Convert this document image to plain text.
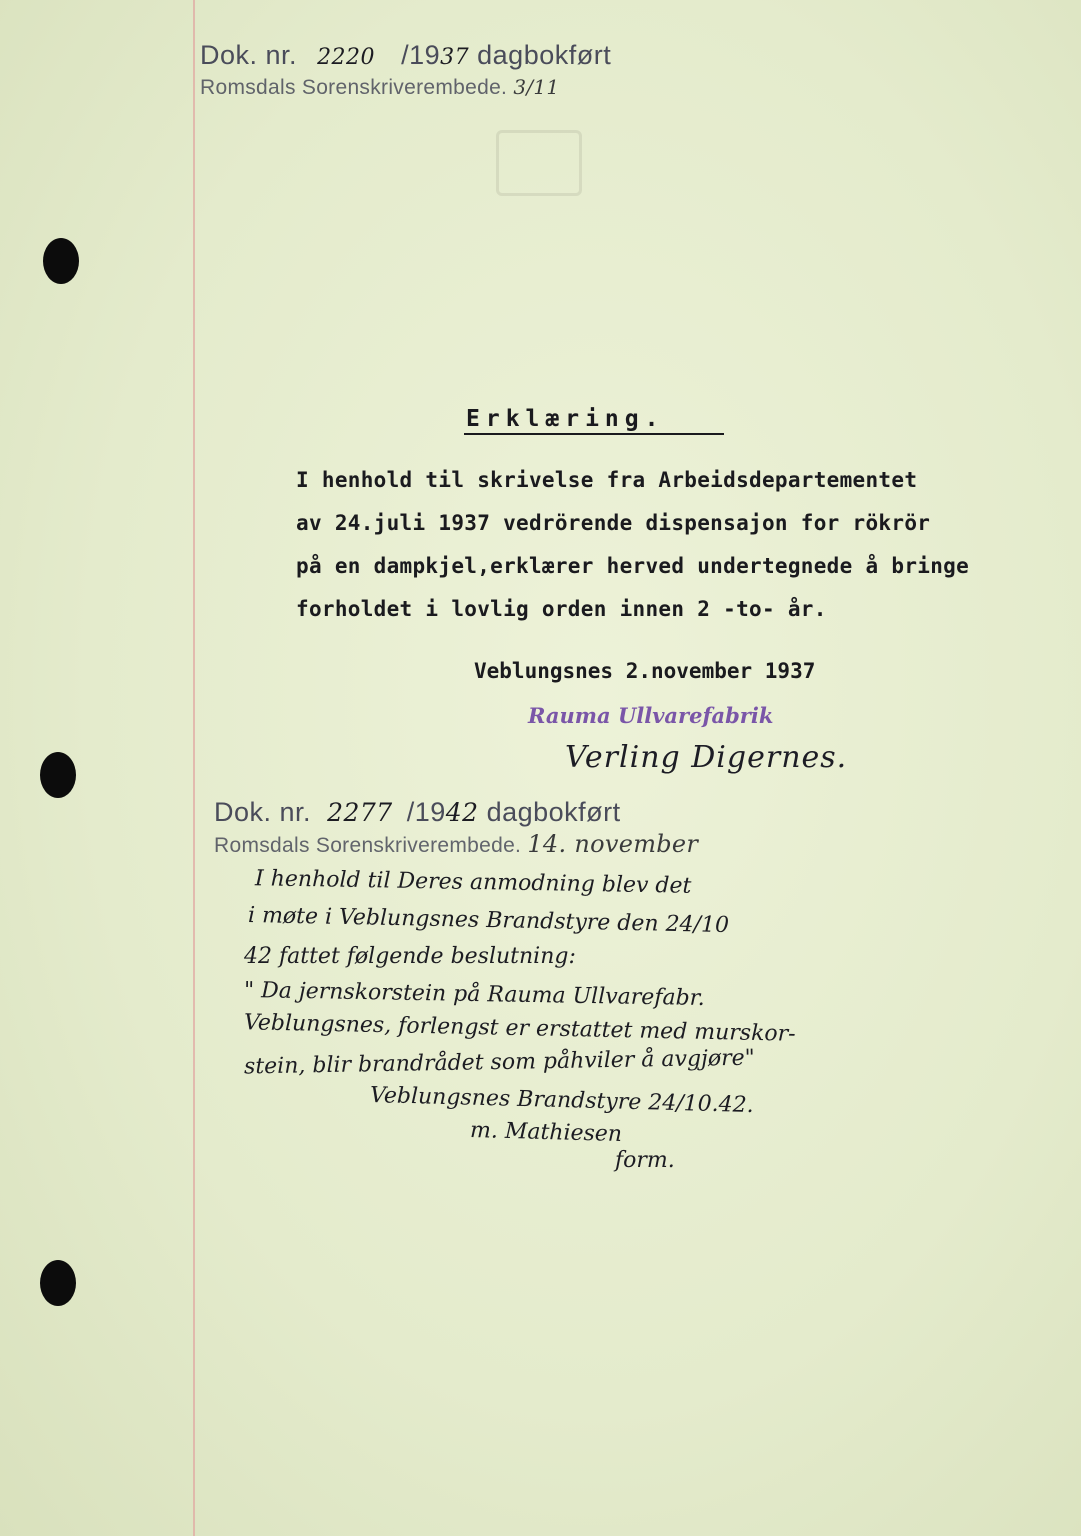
Dok. nr. 2220 /1937 dagbokført
Romsdals Sorenskriverembede. 3/11
Erklæring.
I henhold til skrivelse fra Arbeidsdepartementet
av 24.juli 1937 vedrörende dispensajon for rökrör
på en dampkjel,erklærer herved undertegnede å bringe
forholdet i lovlig orden innen 2 -to- år.
Veblungsnes 2.november 1937
Rauma Ullvarefabrik
Verling Digernes.
Dok. nr. 2277 /1942 dagbokført
Romsdals Sorenskriverembede. 14. november
I henhold til Deres anmodning blev det
i møte i Veblungsnes Brandstyre den 24/10
42 fattet følgende beslutning:
" Da jernskorstein på Rauma Ullvarefabr.
Veblungsnes, forlengst er erstattet med murskor-
stein, blir brandrådet som påhviler å avgjøre"
Veblungsnes Brandstyre 24/10.42.
m. Mathiesen
form.
